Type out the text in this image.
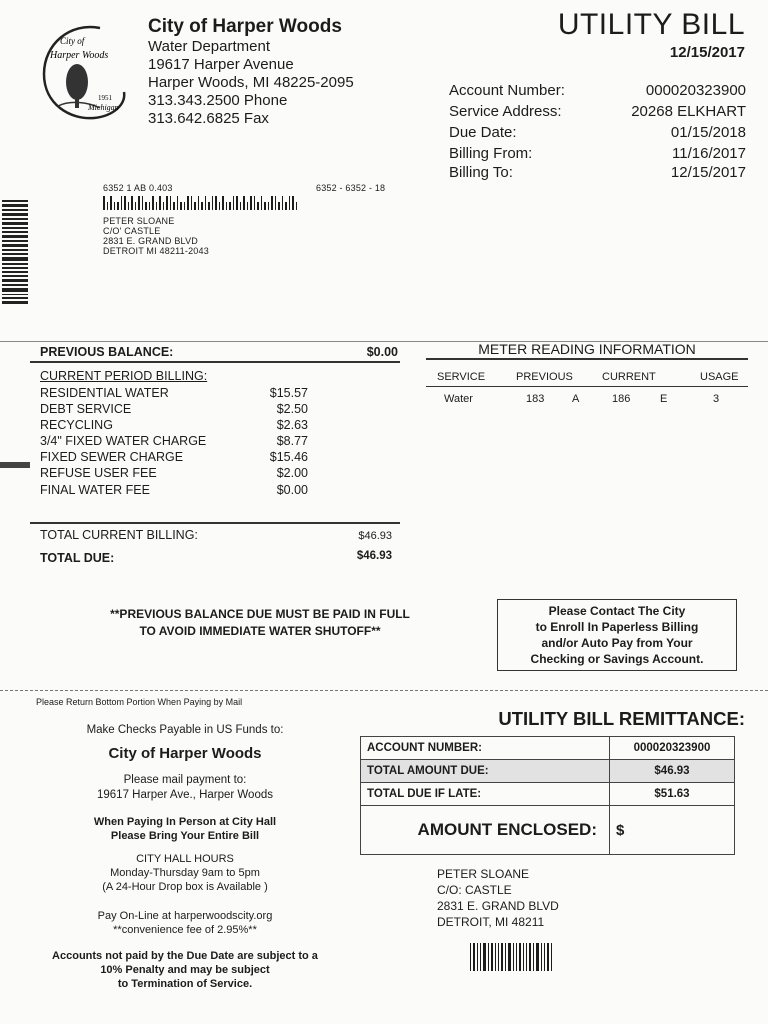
City of
Harper Woods
1951
Michigan
City of Harper Woods
Water Department
19617 Harper Avenue
Harper Woods, MI 48225-2095
313.343.2500 Phone
313.642.6825 Fax
UTILITY BILL
12/15/2017
Account Number:	000020323900
Service Address:	20268 ELKHART
Due Date:	01/15/2018
Billing From:	11/16/2017
Billing To:	12/15/2017
6352 1 AB 0.403	6352 - 6352 - 18
PETER SLOANE
C/O' CASTLE
2831 E. GRAND BLVD
DETROIT MI 48211-2043
PREVIOUS BALANCE:	$0.00
CURRENT PERIOD BILLING:
RESIDENTIAL WATER	$15.57
DEBT SERVICE	$2.50
RECYCLING	$2.63
3/4" FIXED WATER CHARGE	$8.77
FIXED SEWER CHARGE	$15.46
REFUSE USER FEE	$2.00
FINAL WATER FEE	$0.00
TOTAL CURRENT BILLING:	$46.93
TOTAL DUE:	$46.93
METER READING INFORMATION
SERVICE	PREVIOUS	CURRENT	USAGE
Water	183	A	186	E	3
**PREVIOUS BALANCE DUE MUST BE PAID IN FULL
TO AVOID IMMEDIATE WATER SHUTOFF**
Please Contact The City
to Enroll In Paperless Billing
and/or Auto Pay from Your
Checking or Savings Account.
Please Return Bottom Portion When Paying by Mail
Make Checks Payable in US Funds to:
City of Harper Woods
Please mail payment to:
19617 Harper Ave., Harper Woods
When Paying In Person at City Hall
Please Bring Your Entire Bill
CITY HALL HOURS
Monday-Thursday 9am to 5pm
(A 24-Hour Drop box is Available )
Pay On-Line at harperwoodscity.org
**convenience fee of 2.95%**
Accounts not paid by the Due Date are subject to a
10% Penalty and may be subject
to Termination of Service.
UTILITY BILL REMITTANCE:
ACCOUNT NUMBER:	000020323900
TOTAL AMOUNT DUE:	$46.93
TOTAL DUE IF LATE:	$51.63
AMOUNT ENCLOSED:	$
PETER SLOANE
C/O: CASTLE
2831 E. GRAND BLVD
DETROIT, MI 48211
